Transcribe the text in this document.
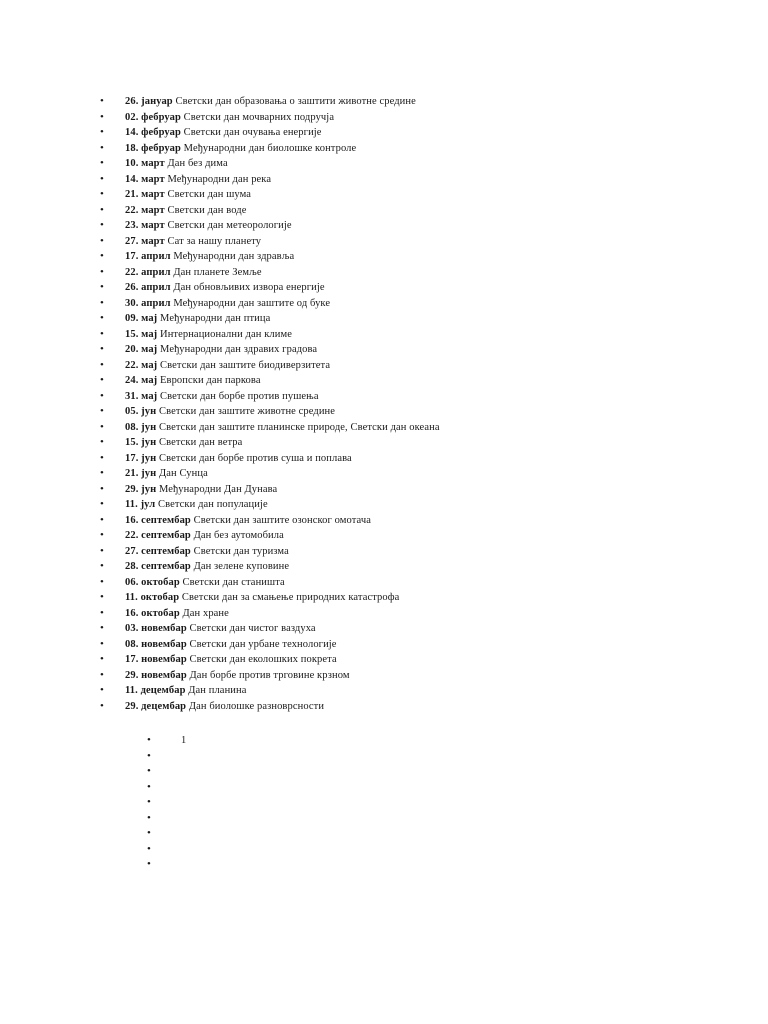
• 26. јануар Светски дан образовања о заштити животне средине
• 02. фебруар Светски дан мочварних подручја
• 14. фебруар Светски дан очувања енергије
• 18. фебруар Међународни дан биолошке контроле
• 10. март Дан без дима
• 14. март Међународни дан река
• 21. март Светски дан шума
• 22. март Светски дан воде
• 23. март Светски дан метеорологије
• 27. март Сат за нашу планету
• 17. април Међународни дан здравља
• 22. април Дан планете Земље
• 26. април Дан обновљивих извора енергије
• 30. април Међународни дан заштите од буке
• 09. мај Међународни дан птица
• 15. мај Интернационални дан климе
• 20. мај Међународни дан здравих градова
• 22. мај Светски дан заштите биодиверзитета
• 24. мај Европски дан паркова
• 31. мај Светски дан борбе против пушења
• 05. јун Светски дан заштите животне средине
• 08. јун Светски дан заштите планинске природе, Светски дан океана
• 15. јун Светски дан ветра
• 17. јун Светски дан борбе против суша и поплава
• 21. јун Дан Сунца
• 29. јун Међународни Дан Дунава
• 11. јул Светски дан популације
• 16. септембар Светски дан заштите озонског омотача
• 22. септембар Дан без аутомобила
• 27. септембар Светски дан туризма
• 28. септембар Дан зелене куповине
• 06. октобар Светски дан станишта
• 11. октобар Светски дан за смањење природних катастрофа
• 16. октобар Дан хране
• 03. новембар Светски дан чистог ваздуха
• 08. новембар Светски дан урбане технологије
• 17. новембар Светски дан еколошких покрета
• 29. новембар Дан борбе против трговине крзном
• 11. децембар Дан планина
• 29. децембар Дан биолошке разноврсности
• 1
•
•
•
•
•
•
•
•
